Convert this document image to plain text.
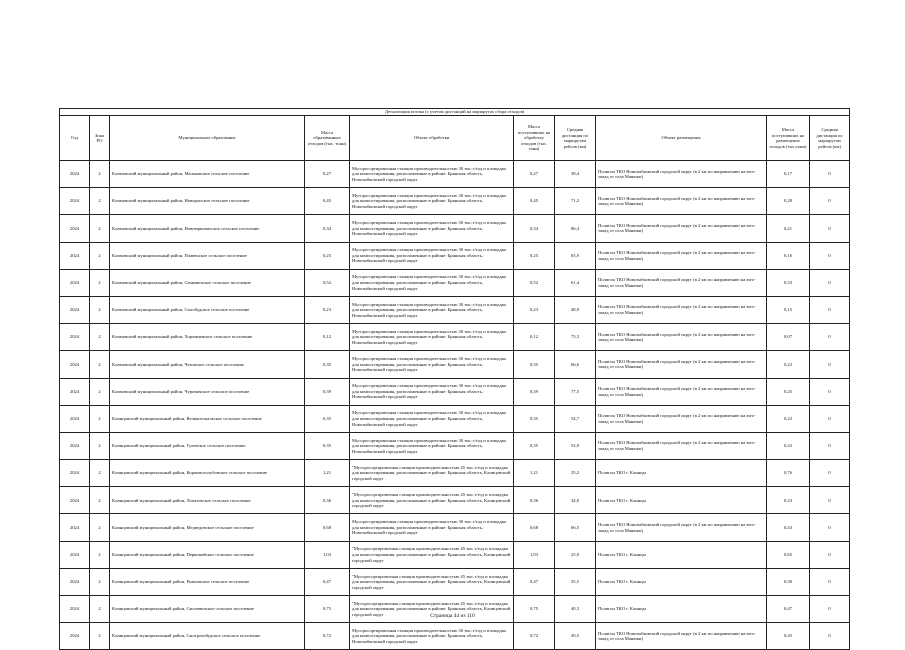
Детализация потока (с учетом дистанций на маршрутах сбора отходов)									
Год	Зона РО	Муниципальное образование	Масса образованных отходов (тыс. тонн)	Объект обработки	Масса поступивших на обработку отходов (тыс. тонн)	Средняя дистанция по маршрутам рейсов (км)	Объект размещения	Масса поступивших на размещение отходов (тыс.тонн)	Средняя дистанция по маршрутам рейсов (км)
2024	2	Климовский муниципальный район, Мальковское сельское поселение	0,27	Мусоросортировочная станция производительностью 30 тыс.т/год и площадка для компостирования, расположенные в районе: Брянская область, Новозыбковский городской округ	0,27	38,4	Полигон ТКО Новозыбковский городской округ (в 2 км по направлению на юго-запад от села Манюки)	0,17	0
2024	2	Климовский муниципальный район, Новоропское сельское поселение	0,45	Мусоросортировочная станция производительностью 30 тыс.т/год и площадка для компостирования, расположенные в районе: Брянская область, Новозыбковский городской округ	0,45	71,2	Полигон ТКО Новозыбковский городской округ (в 2 км по направлению на юго-запад от села Манюки)	0,28	0
2024	2	Климовский муниципальный район, Новоюрковичское сельское поселение	0,34	Мусоросортировочная станция производительностью 30 тыс.т/год и площадка для компостирования, расположенные в районе: Брянская область, Новозыбковский городской округ	0,34	86,4	Полигон ТКО Новозыбковский городской округ (в 2 км по направлению на юго-запад от села Манюки)	0,21	0
2024	2	Климовский муниципальный район, Плавенское сельское поселение	0,25	Мусоросортировочная станция производительностью 30 тыс.т/год и площадка для компостирования, расположенные в районе: Брянская область, Новозыбковский городской округ	0,25	65,9	Полигон ТКО Новозыбковский городской округ (в 2 км по направлению на юго-запад от села Манюки)	0,16	0
2024	2	Климовский муниципальный район, Сачковичское сельское поселение	0,52	Мусоросортировочная станция производительностью 30 тыс.т/год и площадка для компостирования, расположенные в районе: Брянская область, Новозыбковский городской округ	0,52	61,4	Полигон ТКО Новозыбковский городской округ (в 2 км по направлению на юго-запад от села Манюки)	0,33	0
2024	2	Климовский муниципальный район, Сытобудское сельское поселение	0,23	Мусоросортировочная станция производительностью 30 тыс.т/год и площадка для компостирования, расположенные в районе: Брянская область, Новозыбковский городской округ	0,23	48,9	Полигон ТКО Новозыбковский городской округ (в 2 км по направлению на юго-запад от села Манюки)	0,15	0
2024	2	Климовский муниципальный район, Хоромненское сельское поселение	0,12	Мусоросортировочная станция производительностью 30 тыс.т/год и площадка для компостирования, расположенные в районе: Брянская область, Новозыбковский городской округ	0,12	73,3	Полигон ТКО Новозыбковский городской округ (в 2 км по направлению на юго-запад от села Манюки)	0,07	0
2024	2	Климовский муниципальный район, Чеховское сельское поселение	0,35	Мусоросортировочная станция производительностью 30 тыс.т/год и площадка для компостирования, расположенные в районе: Брянская область, Новозыбковский городской округ	0,35	66,6	Полигон ТКО Новозыбковский городской округ (в 2 км по направлению на юго-запад от села Манюки)	0,22	0
2024	2	Климовский муниципальный район, Чуровичское сельское поселение	0,39	Мусоросортировочная станция производительностью 30 тыс.т/год и площадка для компостирования, расположенные в районе: Брянская область, Новозыбковский городской округ	0,39	77,5	Полигон ТКО Новозыбковский городской округ (в 2 км по направлению на юго-запад от села Манюки)	0,25	0
2024	2	Клинцовский муниципальный район, Великотопальское сельское поселение	0,35	Мусоросортировочная станция производительностью 30 тыс.т/год и площадка для компостирования, расположенные в районе: Брянская область, Новозыбковский городской округ	0,35	54,7	Полигон ТКО Новозыбковский городской округ (в 2 км по направлению на юго-запад от села Манюки)	0,22	0
2024	2	Клинцовский муниципальный район, Гулевское сельское поселение	0,35	Мусоросортировочная станция производительностью 30 тыс.т/год и площадка для компостирования, расположенные в районе: Брянская область, Новозыбковский городской округ	0,35	52,9	Полигон ТКО Новозыбковский городской округ (в 2 км по направлению на юго-запад от села Манюки)	0,22	0
2024	2	Клинцовский муниципальный район, Коржовоголубовское сельское поселение	1,21	"Мусоросортировочная станция производительностью 45 тыс.т/год и площадка для компостирования, расположенные в районе: Брянская область, Клинцовский городской округ	1,21	35,2	Полигон ТКО г. Клинцы	0,76	0
2024	2	Клинцовский муниципальный район, Лопатовское сельское поселение	0,36	"Мусоросортировочная станция производительностью 45 тыс.т/год и площадка для компостирования, расположенные в районе: Брянская область, Клинцовский городской округ	0,36	34,0	Полигон ТКО г. Клинцы	0,23	0
2024	2	Клинцовский муниципальный район, Медведовское сельское поселение	0,68	Мусоросортировочная станция производительностью 30 тыс.т/год и площадка для компостирования, расположенные в районе: Брянская область, Новозыбковский городской округ	0,68	66,5	Полигон ТКО Новозыбковский городской округ (в 2 км по направлению на юго-запад от села Манюки)	0,43	0
2024	2	Клинцовский муниципальный район, Первомайское сельское поселение	1,03	"Мусоросортировочная станция производительностью 45 тыс.т/год и площадка для компостирования, расположенные в районе: Брянская область, Клинцовский городской округ	1,03	25,0	Полигон ТКО г. Клинцы	0,65	0
2024	2	Клинцовский муниципальный район, Рожновское сельское поселение	0,47	"Мусоросортировочная станция производительностью 45 тыс.т/год и площадка для компостирования, расположенные в районе: Брянская область, Клинцовский городской округ	0,47	35,5	Полигон ТКО г. Клинцы	0,30	0
2024	2	Клинцовский муниципальный район, Смолевичское сельское поселение	0,75	"Мусоросортировочная станция производительностью 45 тыс.т/год и площадка для компостирования, расположенные в районе: Брянская область, Клинцовский городской округ	0,75	40,3	Полигон ТКО г. Клинцы	0,47	0
2024	2	Клинцовский муниципальный район, Смотровобудское сельское поселение	0,72	Мусоросортировочная станция производительностью 30 тыс.т/год и площадка для компостирования, расположенные в районе: Брянская область, Новозыбковский городской округ	0,72	49,5	Полигон ТКО Новозыбковский городской округ (в 2 км по направлению на юго-запад от села Манюки)	0,45	0
Страница 44 из 110
